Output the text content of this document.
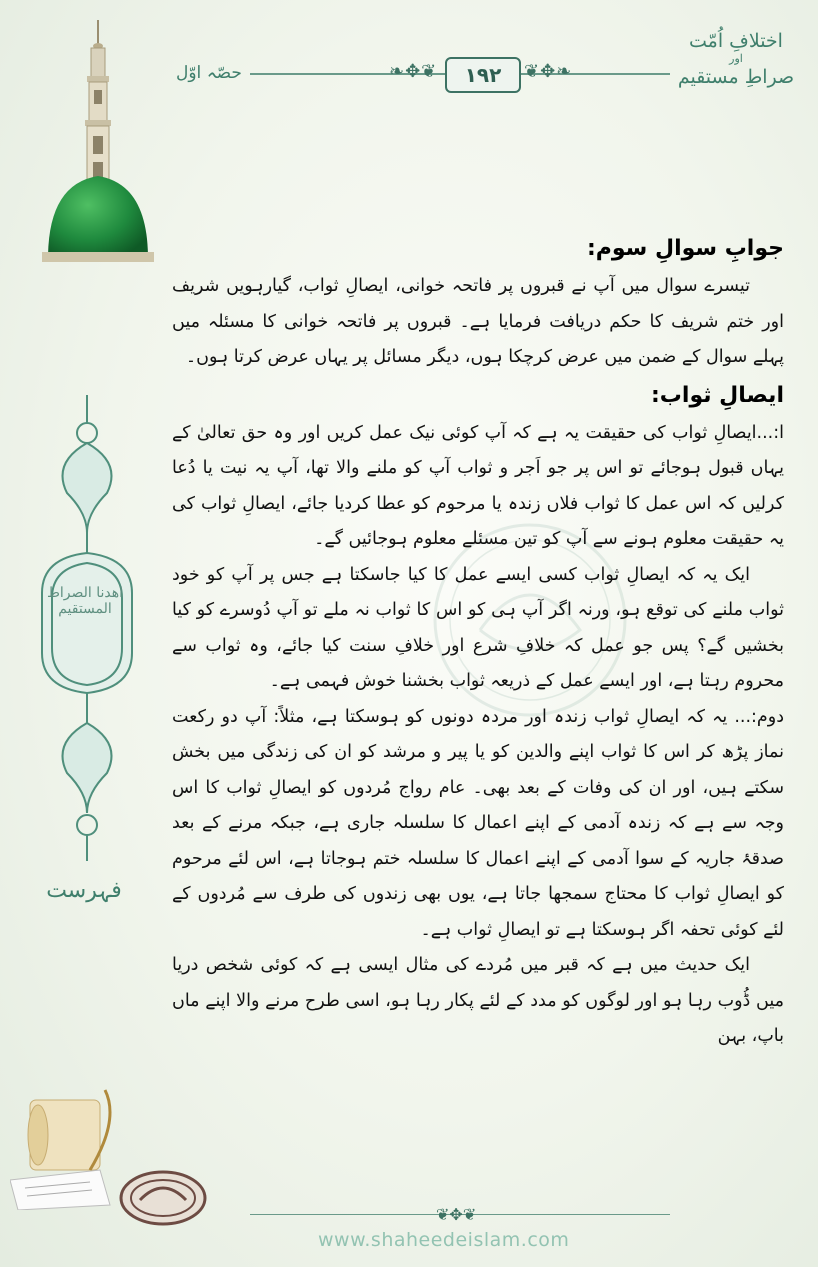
اختلافِ اُمّت
اور
صراطِ مستقیم
❧✥❦	❦✥❧
۱۹۲
حصّہ اوّل
اهدنا الصراط المستقيم
فہرست
جوابِ سوالِ سوم:

تیسرے سوال میں آپ نے قبروں پر فاتحہ خوانی، ایصالِ ثواب، گیارہویں شریف اور ختم شریف کا حکم دریافت فرمایا ہے۔ قبروں پر فاتحہ خوانی کا مسئلہ میں پہلے سوال کے ضمن میں عرض کرچکا ہوں، دیگر مسائل پر یہاں عرض کرتا ہوں۔

ایصالِ ثواب:

ا:...ایصالِ ثواب کی حقیقت یہ ہے کہ آپ کوئی نیک عمل کریں اور وہ حق تعالیٰ کے یہاں قبول ہوجائے تو اس پر جو اَجر و ثواب آپ کو ملنے والا تھا، آپ یہ نیت یا دُعا کرلیں کہ اس عمل کا ثواب فلاں زندہ یا مرحوم کو عطا کردیا جائے، ایصالِ ثواب کی یہ حقیقت معلوم ہونے سے آپ کو تین مسئلے معلوم ہوجائیں گے۔

ایک یہ کہ ایصالِ ثواب کسی ایسے عمل کا کیا جاسکتا ہے جس پر آپ کو خود ثواب ملنے کی توقع ہو، ورنہ اگر آپ ہی کو اس کا ثواب نہ ملے تو آپ دُوسرے کو کیا بخشیں گے؟ پس جو عمل کہ خلافِ شرع اور خلافِ سنت کیا جائے، وہ ثواب سے محروم رہتا ہے، اور ایسے عمل کے ذریعہ ثواب بخشنا خوش فہمی ہے۔

دوم:... یہ کہ ایصالِ ثواب زندہ اور مردہ دونوں کو ہوسکتا ہے، مثلاً: آپ دو رکعت نماز پڑھ کر اس کا ثواب اپنے والدین کو یا پیر و مرشد کو ان کی زندگی میں بخش سکتے ہیں، اور ان کی وفات کے بعد بھی۔ عام رواج مُردوں کو ایصالِ ثواب کا اس وجہ سے ہے کہ زندہ آدمی کے اپنے اعمال کا سلسلہ جاری ہے، جبکہ مرنے کے بعد صدقۂ جاریہ کے سوا آدمی کے اپنے اعمال کا سلسلہ ختم ہوجاتا ہے، اس لئے مرحوم کو ایصالِ ثواب کا محتاج سمجھا جاتا ہے، یوں بھی زندوں کی طرف سے مُردوں کے لئے کوئی تحفہ اگر ہوسکتا ہے تو ایصالِ ثواب ہے۔

ایک حدیث میں ہے کہ قبر میں مُردے کی مثال ایسی ہے کہ کوئی شخص دریا میں ڈُوب رہا ہو اور لوگوں کو مدد کے لئے پکار رہا ہو، اسی طرح مرنے والا اپنے ماں باپ، بہن

❦✥❦
www.shaheedeislam.com
